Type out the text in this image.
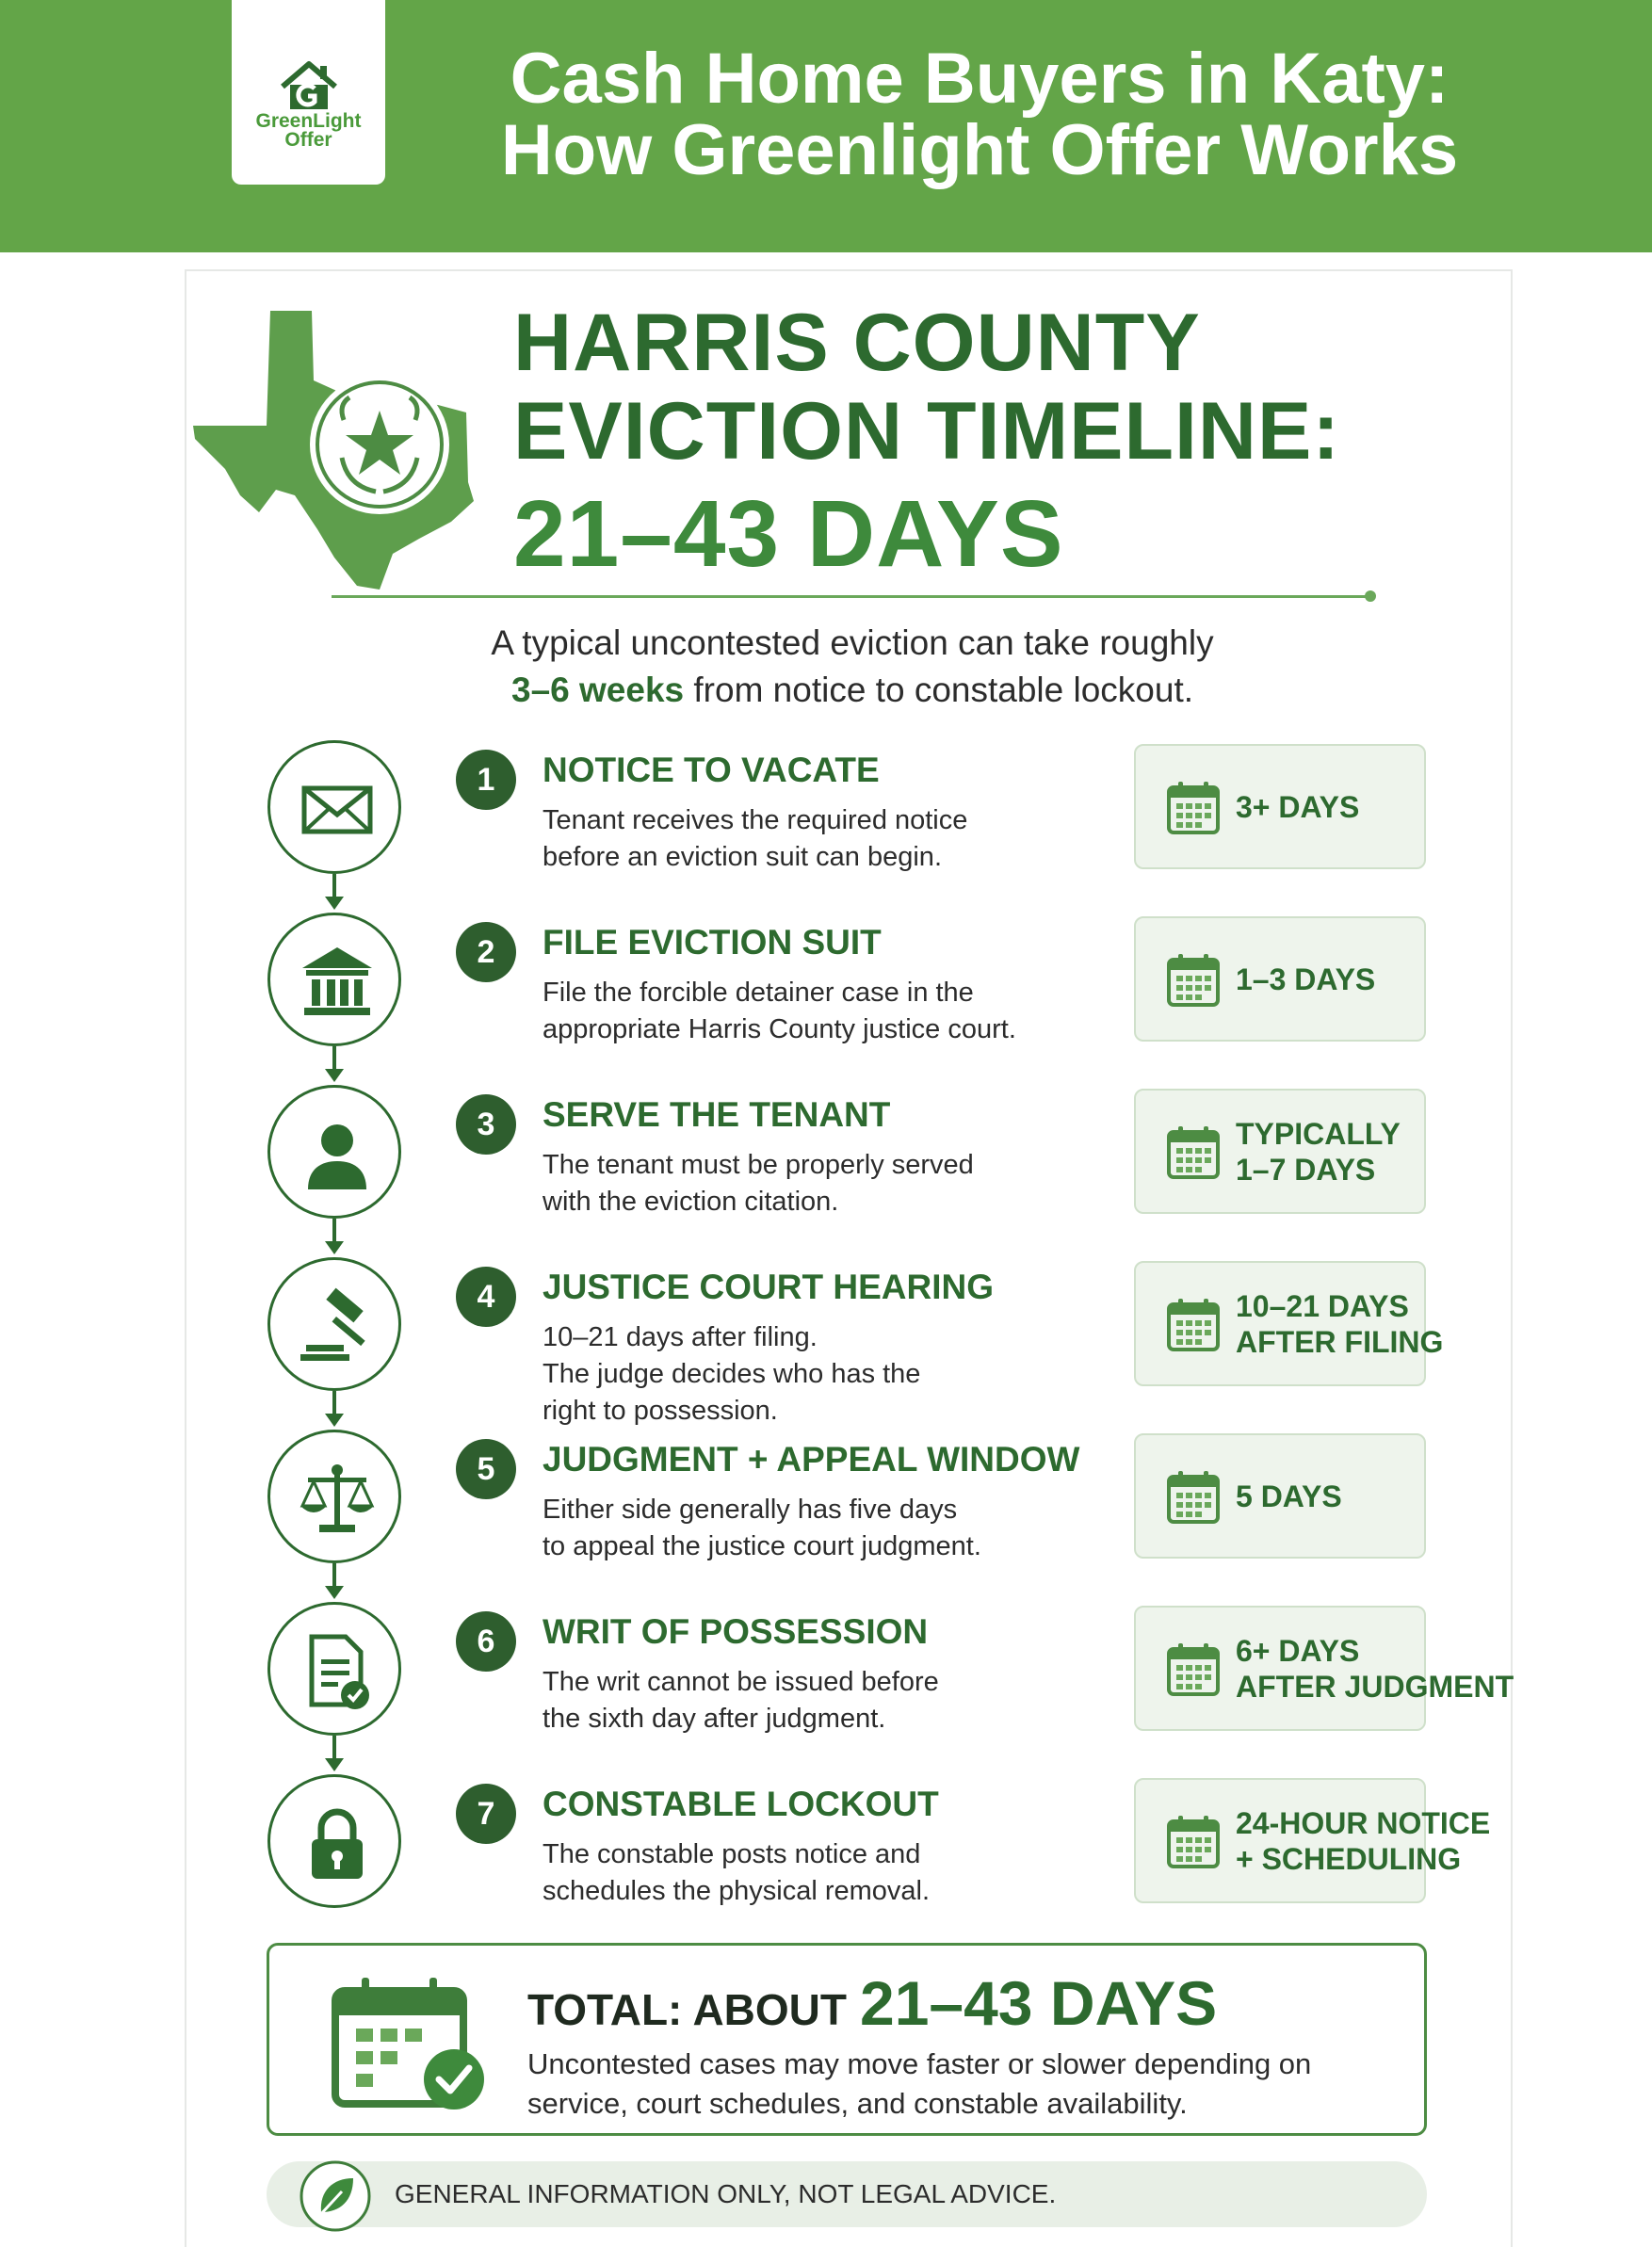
GreenLight
Offer
Cash Home Buyers in Katy:
How Greenlight Offer Works
HARRIS COUNTY
EVICTION TIMELINE:
21–43 DAYS
A typical uncontested eviction can take roughly
3–6 weeks from notice to constable lockout.
1	NOTICE TO VACATE
Tenant receives the required notice
before an eviction suit can begin.
3+ DAYS
2	FILE EVICTION SUIT
File the forcible detainer case in the
appropriate Harris County justice court.
1–3 DAYS
3	SERVE THE TENANT
The tenant must be properly served
with the eviction citation.
TYPICALLY
1–7 DAYS
4	JUSTICE COURT HEARING
10–21 days after filing.
The judge decides who has the
right to possession.
10–21 DAYS
AFTER FILING
5	JUDGMENT + APPEAL WINDOW
Either side generally has five days
to appeal the justice court judgment.
5 DAYS
6	WRIT OF POSSESSION
The writ cannot be issued before
the sixth day after judgment.
6+ DAYS
AFTER JUDGMENT
7	CONSTABLE LOCKOUT
The constable posts notice and
schedules the physical removal.
24-HOUR NOTICE
+ SCHEDULING
TOTAL: ABOUT 21–43 DAYS
Uncontested cases may move faster or slower depending on
service, court schedules, and constable availability.
GENERAL INFORMATION ONLY, NOT LEGAL ADVICE.
